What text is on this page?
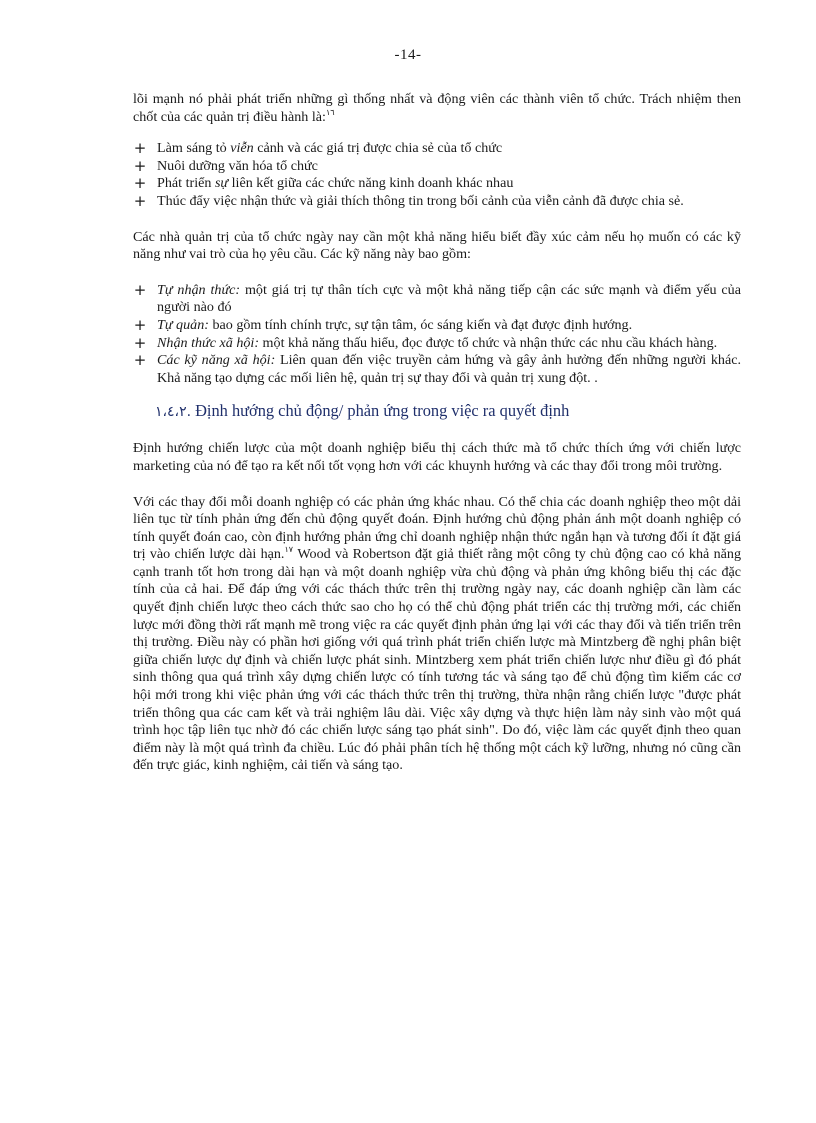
-14-

lõi mạnh nó phải phát triển những gì thống nhất và động viên các thành viên tổ chức. Trách nhiệm then chốt của các quản trị điều hành là:$^{١٦}$

+ Làm sáng tỏ viễn cảnh và các giá trị được chia sẻ của tổ chức
+ Nuôi dưỡng văn hóa tổ chức
+ Phát triển sự liên kết giữa các chức năng kinh doanh khác nhau
+ Thúc đẩy việc nhận thức và giải thích thông tin trong bối cảnh của viễn cảnh đã được chia sẻ.

Các nhà quản trị của tổ chức ngày nay cần một khả năng hiểu biết đầy xúc cảm nếu họ muốn có các kỹ năng như vai trò của họ yêu cầu. Các kỹ năng này bao gồm:

+ Tự nhận thức: một giá trị tự thân tích cực và một khả năng tiếp cận các sức mạnh và điểm yếu của người nào đó
+ Tự quản: bao gồm tính chính trực, sự tận tâm, óc sáng kiến và đạt được định hướng.
+ Nhận thức xã hội: một khả năng thấu hiểu, đọc được tổ chức và nhận thức các nhu cầu khách hàng.
+ Các kỹ năng xã hội: Liên quan đến việc truyền cảm hứng và gây ảnh hưởng đến những người khác. Khả năng tạo dựng các mối liên hệ, quản trị sự thay đổi và quản trị xung đột. .
١،٤،٢. Định hướng chủ động/ phản ứng trong việc ra quyết định

Định hướng chiến lược của một doanh nghiệp biểu thị cách thức mà tổ chức thích ứng với chiến lược marketing của nó để tạo ra kết nối tốt vọng hơn với các khuynh hướng và các thay đổi trong môi trường.

Với các thay đổi mỗi doanh nghiệp có các phản ứng khác nhau. Có thể chia các doanh nghiệp theo một dải liên tục từ tính phản ứng đến chủ động quyết đoán. Định hướng chủ động phản ánh một doanh nghiệp có tính quyết đoán cao, còn định hướng phản ứng chỉ doanh nghiệp nhận thức ngắn hạn và tương đối ít đặt giá trị vào chiến lược dài hạn.$^{١٧}$ Wood và Robertson đặt giả thiết rằng một công ty chủ động cao có khả năng cạnh tranh tốt hơn trong dài hạn và một doanh nghiệp vừa chủ động và phản ứng không biểu thị các đặc tính của cả hai. Để đáp ứng với các thách thức trên thị trường ngày nay, các doanh nghiệp cần làm các quyết định chiến lược theo cách thức sao cho họ có thể chủ động phát triển các thị trường mới, các chiến lược mới đồng thời rất mạnh mẽ trong việc ra các quyết định phản ứng lại với các thay đổi và tiến triển trên thị trường. Điều này có phần hơi giống với quá trình phát triển chiến lược mà Mintzberg đề nghị phân biệt giữa chiến lược dự định và chiến lược phát sinh. Mintzberg xem phát triển chiến lược như điều gì đó phát sinh thông qua quá trình xây dựng chiến lược có tính tương tác và sáng tạo để chủ động tìm kiếm các cơ hội mới trong khi việc phản ứng với các thách thức trên thị trường, thừa nhận rằng chiến lược "được phát triển thông qua các cam kết và trải nghiệm lâu dài. Việc xây dựng và thực hiện làm nảy sinh vào một quá trình học tập liên tục nhờ đó các chiến lược sáng tạo phát sinh". Do đó, việc làm các quyết định theo quan điểm này là một quá trình đa chiều. Lúc đó phải phân tích hệ thống một cách kỹ lưỡng, nhưng nó cũng cần đến trực giác, kinh nghiệm, cải tiến và sáng tạo.
